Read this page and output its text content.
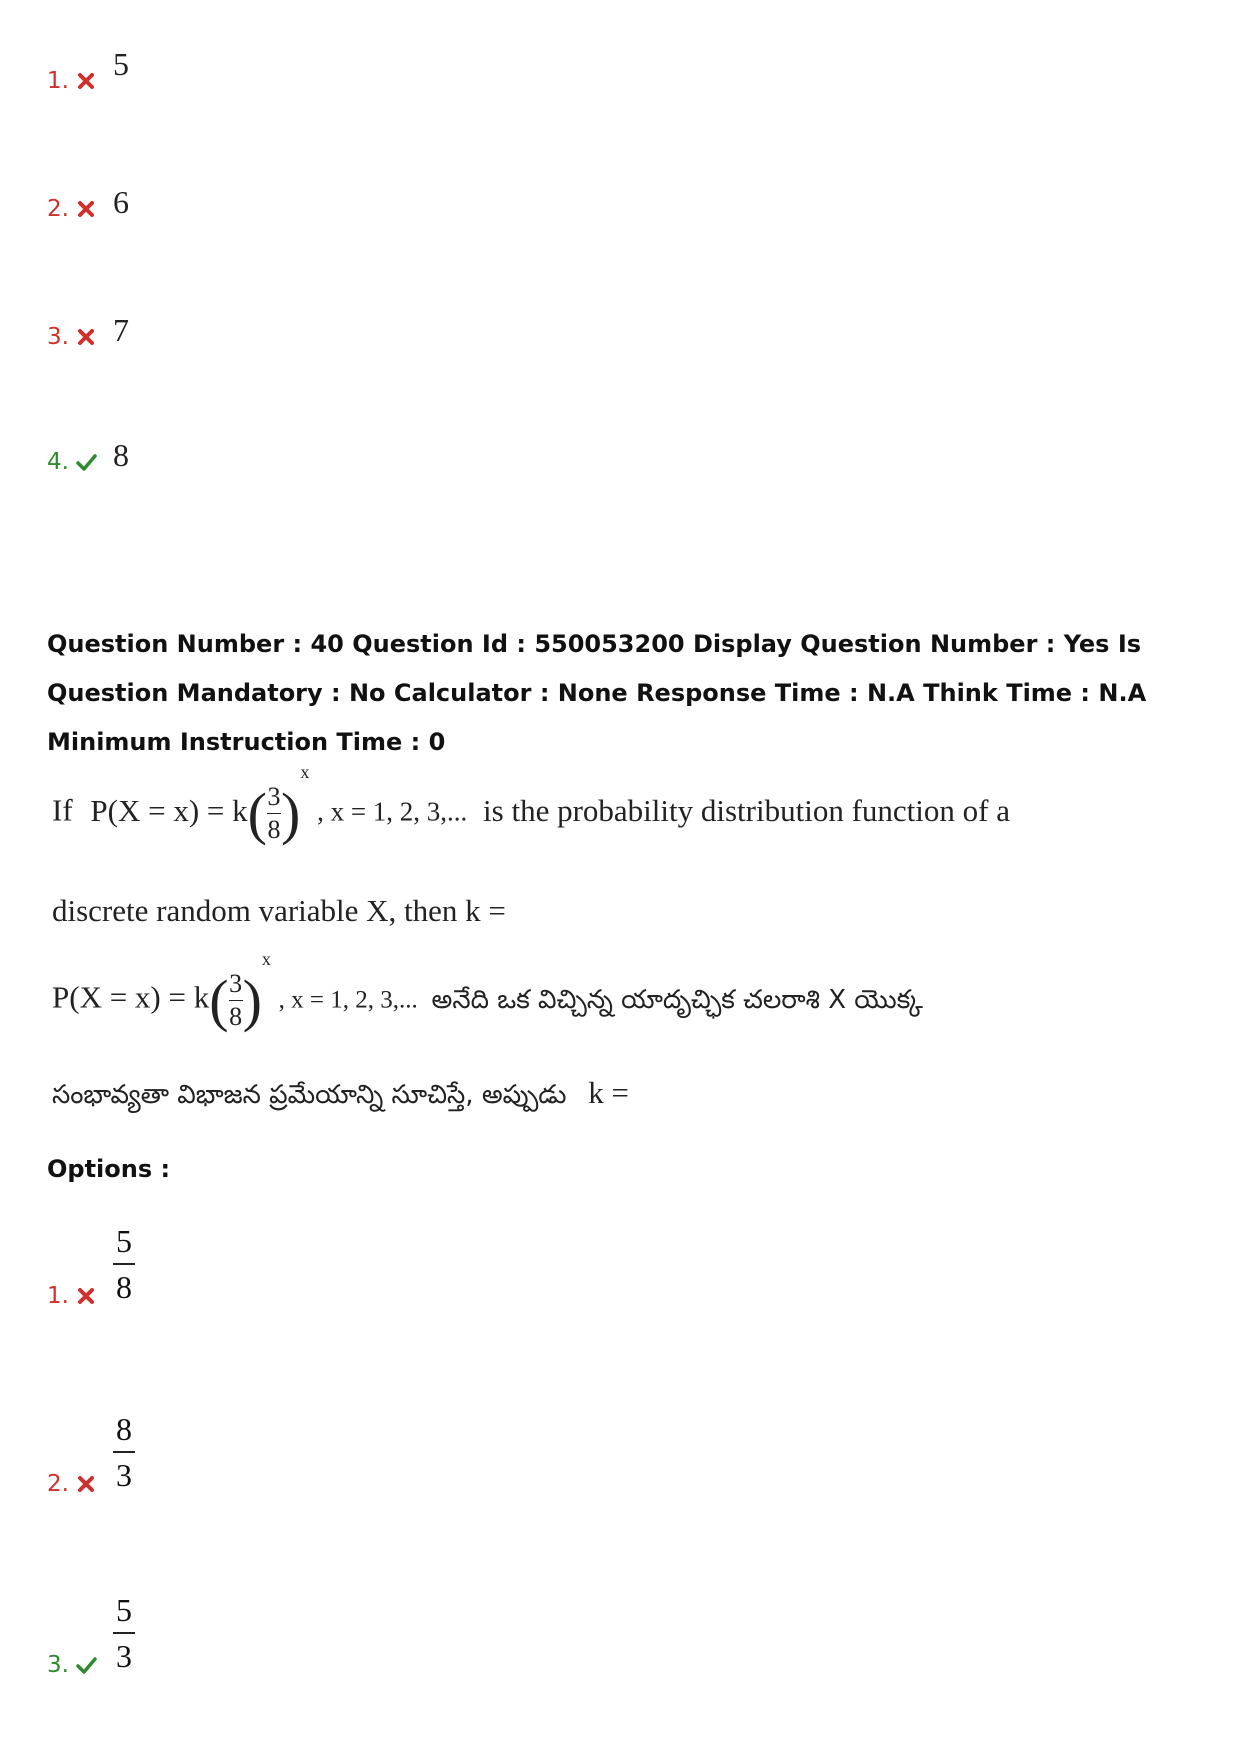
1. 5
2. 6
3. 7
4. 8
Question Number : 40 Question Id : 550053200 Display Question Number : Yes Is Question Mandatory : No Calculator : None Response Time : N.A Think Time : N.A Minimum Instruction Time : 0
If $P(X = x) = k( \frac{3}{8} )^x$ , x = 1, 2, 3,... is the probability distribution function of a
discrete random variable X, then k =
$P(X = x) = k( \frac{3}{8} )^x$ , x = 1, 2, 3,... అనేది ఒక విచ్చిన్న యాదృచ్ఛిక చలరాశి X యొక్క
సంభావ్యతా విభాజన ప్రమేయాన్ని సూచిస్తే, అప్పుడు k =
Options :
1. $\frac{5}{8}$
2. $\frac{8}{3}$
3. $\frac{5}{3}$
